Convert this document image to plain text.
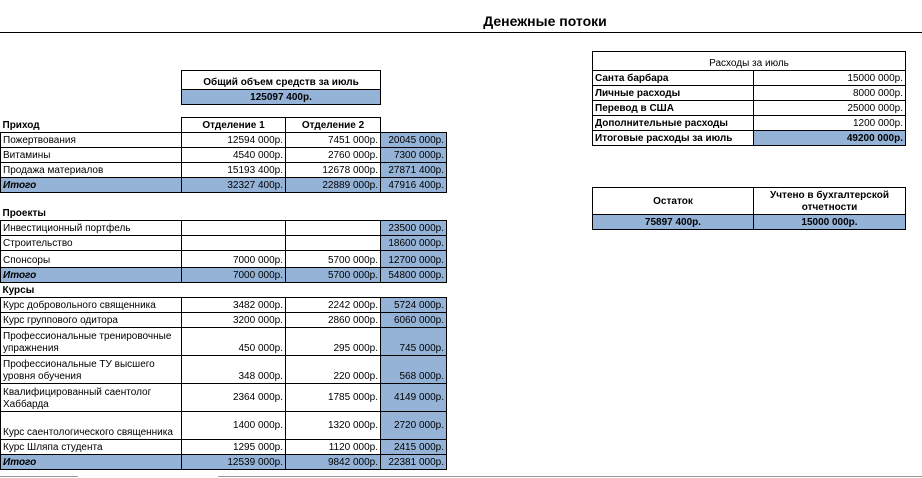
Денежные потоки
Общий объем средств за июль
125097 400р.
Приход	Отделение 1	Отделение 2	
Пожертвования	12594 000р.	7451 000р.	20045 000р.
Витамины	4540 000р.	2760 000р.	7300 000р.
Продажа материалов	15193 400р.	12678 000р.	27871 400р.
Итого	32327 400р.	22889 000р.	47916 400р.

Проекты			
Инвестиционный портфель			23500 000р.
Строительство			18600 000р.
Спонсоры	7000 000р.	5700 000р.	12700 000р.
Итого	7000 000р.	5700 000р.	54800 000р.
Курсы			
Курс добровольного священника	3482 000р.	2242 000р.	5724 000р.
Курс группового одитора	3200 000р.	2860 000р.	6060 000р.
Профессиональные тренировочные упражнения	450 000р.	295 000р.	745 000р.
Профессиональные ТУ высшего уровня обучения	348 000р.	220 000р.	568 000р.
Квалифицированный саентолог Хаббарда	2364 000р.	1785 000р.	4149 000р.
Курс саентологического священника	1400 000р.	1320 000р.	2720 000р.
Курс Шляпа студента	1295 000р.	1120 000р.	2415 000р.
Итого	12539 000р.	9842 000р.	22381 000р.
Расходы за июль	
Санта барбара	15000 000р.
Личные расходы	8000 000р.
Перевод в США	25000 000р.
Дополнительные расходы	1200 000р.
Итоговые расходы за июль	49200 000р.
Остаток	Учтено в бухгалтерской отчетности
75897 400р.	15000 000р.
